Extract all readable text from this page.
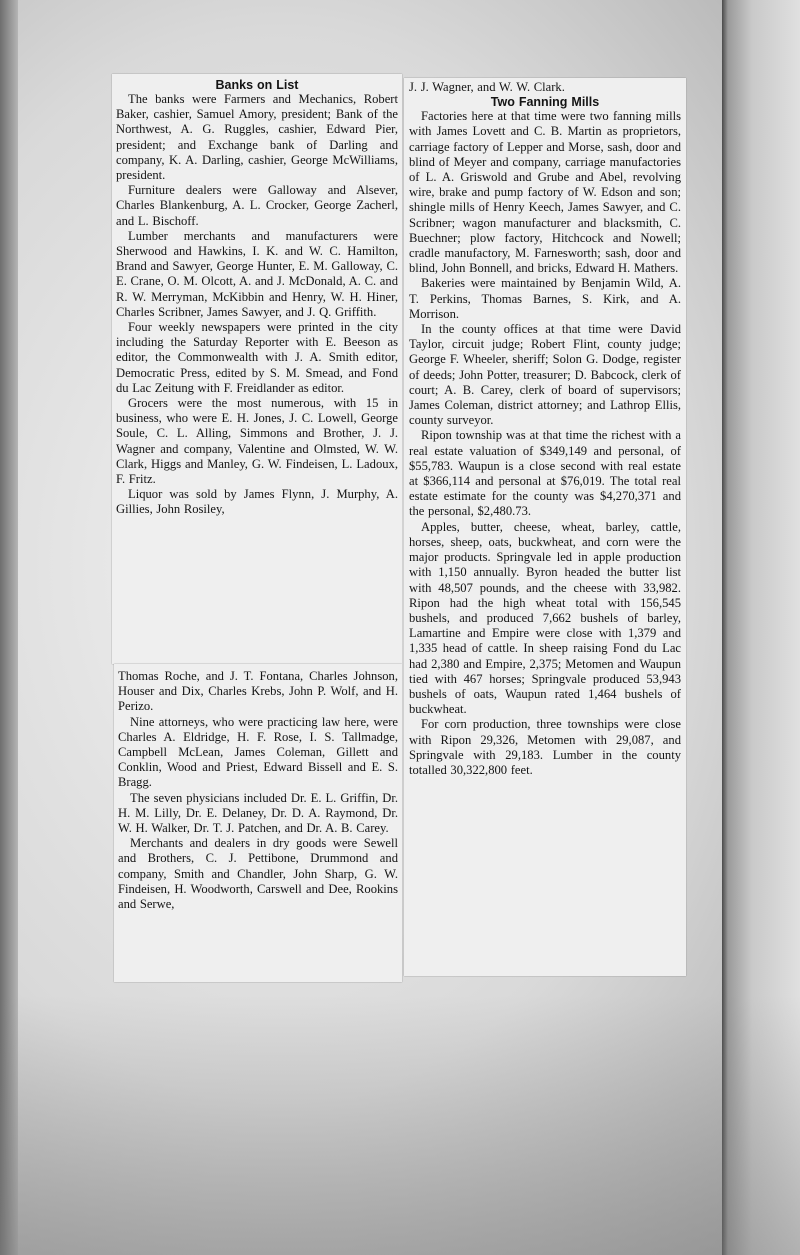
Banks on List

The banks were Farmers and Mechanics, Robert Baker, cashier, Samuel Amory, president; Bank of the Northwest, A. G. Ruggles, cashier, Edward Pier, president; and Exchange bank of Darling and company, K. A. Darling, cashier, George McWilliams, president.

Furniture dealers were Galloway and Alsever, Charles Blankenburg, A. L. Crocker, George Zacherl, and L. Bischoff.

Lumber merchants and manufacturers were Sherwood and Hawkins, I. K. and W. C. Hamilton, Brand and Sawyer, George Hunter, E. M. Galloway, C. E. Crane, O. M. Olcott, A. and J. McDonald, A. C. and R. W. Merryman, McKibbin and Henry, W. H. Hiner, Charles Scribner, James Sawyer, and J. Q. Griffith.

Four weekly newspapers were printed in the city including the Saturday Reporter with E. Beeson as editor, the Commonwealth with J. A. Smith editor, Democratic Press, edited by S. M. Smead, and Fond du Lac Zeitung with F. Freidlander as editor.

Grocers were the most numerous, with 15 in business, who were E. H. Jones, J. C. Lowell, George Soule, C. L. Alling, Simmons and Brother, J. J. Wagner and company, Valentine and Olmsted, W. W. Clark, Higgs and Manley, G. W. Findeisen, L. Ladoux, F. Fritz.

Liquor was sold by James Flynn, J. Murphy, A. Gillies, John Rosiley,

Thomas Roche, and J. T. Fontana, Charles Johnson, Houser and Dix, Charles Krebs, John P. Wolf, and H. Perizo.

Nine attorneys, who were practicing law here, were Charles A. Eldridge, H. F. Rose, I. S. Tallmadge, Campbell McLean, James Coleman, Gillett and Conklin, Wood and Priest, Edward Bissell and E. S. Bragg.

The seven physicians included Dr. E. L. Griffin, Dr. H. M. Lilly, Dr. E. Delaney, Dr. D. A. Raymond, Dr. W. H. Walker, Dr. T. J. Patchen, and Dr. A. B. Carey.

Merchants and dealers in dry goods were Sewell and Brothers, C. J. Pettibone, Drummond and company, Smith and Chandler, John Sharp, G. W. Findeisen, H. Woodworth, Carswell and Dee, Rookins and Serwe,

J. J. Wagner, and W. W. Clark.

Two Fanning Mills

Factories here at that time were two fanning mills with James Lovett and C. B. Martin as proprietors, carriage factory of Lepper and Morse, sash, door and blind of Meyer and company, carriage manufactories of L. A. Griswold and Grube and Abel, revolving wire, brake and pump factory of W. Edson and son; shingle mills of Henry Keech, James Sawyer, and C. Scribner; wagon manufacturer and blacksmith, C. Buechner; plow factory, Hitchcock and Nowell; cradle manufactory, M. Farnesworth; sash, door and blind, John Bonnell, and bricks, Edward H. Mathers.

Bakeries were maintained by Benjamin Wild, A. T. Perkins, Thomas Barnes, S. Kirk, and A. Morrison.

In the county offices at that time were David Taylor, circuit judge; Robert Flint, county judge; George F. Wheeler, sheriff; Solon G. Dodge, register of deeds; John Potter, treasurer; D. Babcock, clerk of court; A. B. Carey, clerk of board of supervisors; James Coleman, district attorney; and Lathrop Ellis, county surveyor.

Ripon township was at that time the richest with a real estate valuation of $349,149 and personal, of $55,783. Waupun is a close second with real estate at $366,114 and personal at $76,019. The total real estate estimate for the county was $4,270,371 and the personal, $2,480.73.

Apples, butter, cheese, wheat, barley, cattle, horses, sheep, oats, buckwheat, and corn were the major products. Springvale led in apple production with 1,150 annually. Byron headed the butter list with 48,507 pounds, and the cheese with 33,982. Ripon had the high wheat total with 156,545 bushels, and produced 7,662 bushels of barley, Lamartine and Empire were close with 1,379 and 1,335 head of cattle. In sheep raising Fond du Lac had 2,380 and Empire, 2,375; Metomen and Waupun tied with 467 horses; Springvale produced 53,943 bushels of oats, Waupun rated 1,464 bushels of buckwheat.

For corn production, three townships were close with Ripon 29,326, Metomen with 29,087, and Springvale with 29,183. Lumber in the county totalled 30,322,800 feet.
